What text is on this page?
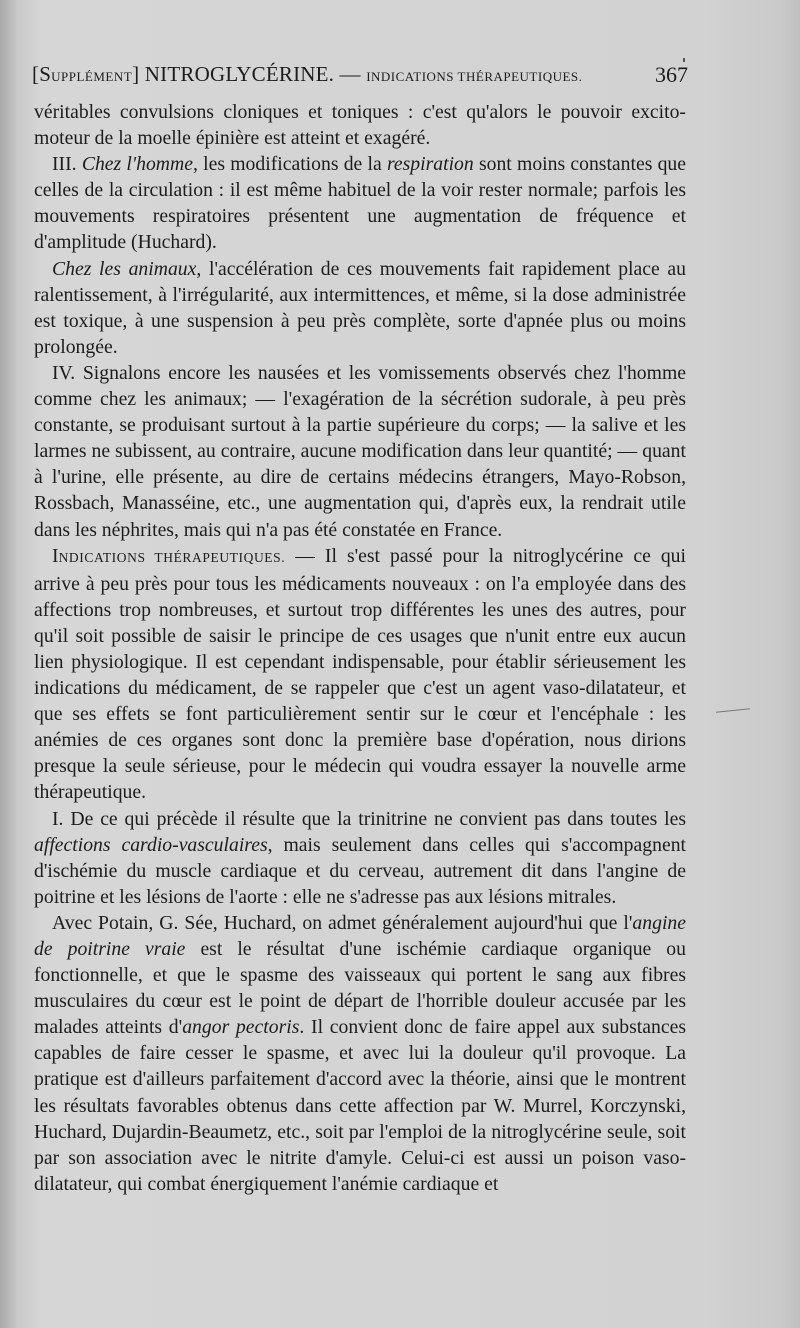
[SUPPLÉMENT] NITROGLYCÉRINE. — INDICATIONS THÉRAPEUTIQUES.	367

véritables convulsions cloniques et toniques : c'est qu'alors le pouvoir excito-moteur de la moelle épinière est atteint et exagéré.

III. Chez l'homme, les modifications de la respiration sont moins constantes que celles de la circulation : il est même habituel de la voir rester normale; parfois les mouvements respiratoires présentent une augmentation de fréquence et d'amplitude (Huchard).

Chez les animaux, l'accélération de ces mouvements fait rapidement place au ralentissement, à l'irrégularité, aux intermittences, et même, si la dose administrée est toxique, à une suspension à peu près complète, sorte d'apnée plus ou moins prolongée.

IV. Signalons encore les nausées et les vomissements observés chez l'homme comme chez les animaux; — l'exagération de la sécrétion sudorale, à peu près constante, se produisant surtout à la partie supérieure du corps; — la salive et les larmes ne subissent, au contraire, aucune modification dans leur quantité; — quant à l'urine, elle présente, au dire de certains médecins étrangers, Mayo-Robson, Rossbach, Manasséine, etc., une augmentation qui, d'après eux, la rendrait utile dans les néphrites, mais qui n'a pas été constatée en France.

INDICATIONS THÉRAPEUTIQUES. — Il s'est passé pour la nitroglycérine ce qui arrive à peu près pour tous les médicaments nouveaux : on l'a employée dans des affections trop nombreuses, et surtout trop différentes les unes des autres, pour qu'il soit possible de saisir le principe de ces usages que n'unit entre eux aucun lien physiologique. Il est cependant indispensable, pour établir sérieusement les indications du médicament, de se rappeler que c'est un agent vaso-dilatateur, et que ses effets se font particulièrement sentir sur le cœur et l'encéphale : les anémies de ces organes sont donc la première base d'opération, nous dirions presque la seule sérieuse, pour le médecin qui voudra essayer la nouvelle arme thérapeutique.

I. De ce qui précède il résulte que la trinitrine ne convient pas dans toutes les affections cardio-vasculaires, mais seulement dans celles qui s'accompagnent d'ischémie du muscle cardiaque et du cerveau, autrement dit dans l'angine de poitrine et les lésions de l'aorte : elle ne s'adresse pas aux lésions mitrales.

Avec Potain, G. Sée, Huchard, on admet généralement aujourd'hui que l'angine de poitrine vraie est le résultat d'une ischémie cardiaque organique ou fonctionnelle, et que le spasme des vaisseaux qui portent le sang aux fibres musculaires du cœur est le point de départ de l'horrible douleur accusée par les malades atteints d'angor pectoris. Il convient donc de faire appel aux substances capables de faire cesser le spasme, et avec lui la douleur qu'il provoque. La pratique est d'ailleurs parfaitement d'accord avec la théorie, ainsi que le montrent les résultats favorables obtenus dans cette affection par W. Murrel, Korczynski, Huchard, Dujardin-Beaumetz, etc., soit par l'emploi de la nitroglycérine seule, soit par son association avec le nitrite d'amyle. Celui-ci est aussi un poison vaso-dilatateur, qui combat énergiquement l'anémie cardiaque et
